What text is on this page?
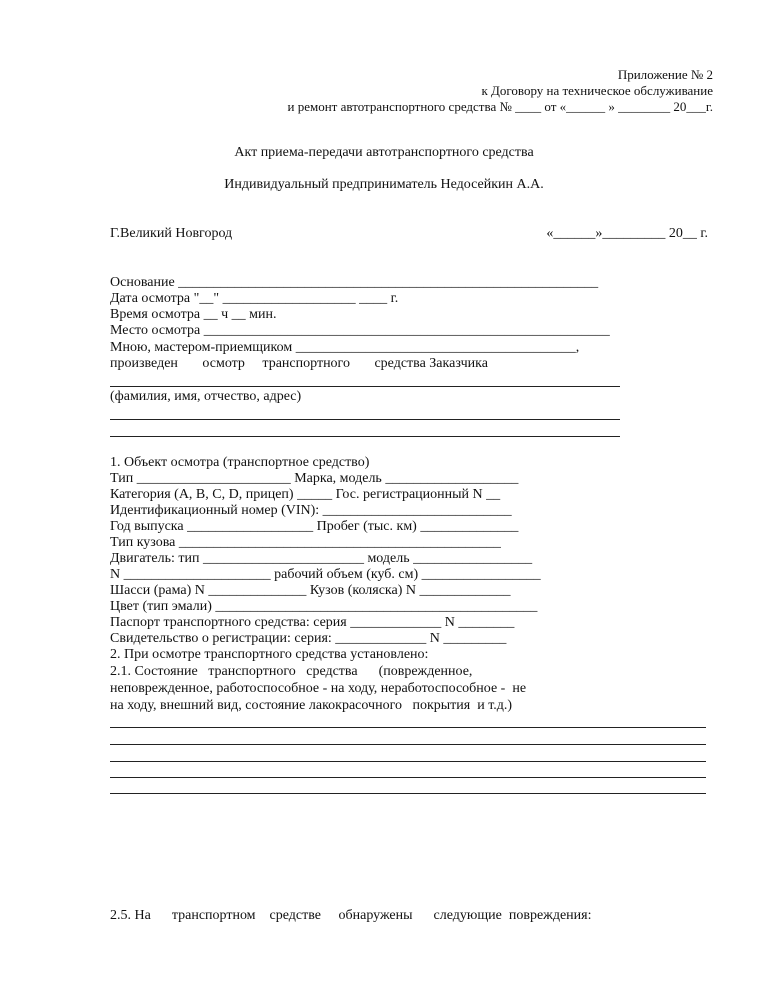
Приложение № 2
к Договору на техническое обслуживание
и ремонт автотранспортного средства № ____ от «______ » ________ 20___г.
Акт приема-передачи автотранспортного средства
Индивидуальный предприниматель Недосейкин А.А.
Г.Великий Новгород	«______»_________ 20__ г.
Основание ____________________________________________________________
Дата осмотра "__" ___________________ ____ г.
Время осмотра __ ч __ мин.
Место осмотра __________________________________________________________
Мною, мастером-приемщиком ________________________________________,
произведен       осмотр     транспортного       средства Заказчика
(фамилия, имя, отчество, адрес)
1. Объект осмотра (транспортное средство)
Тип ______________________ Марка, модель ___________________
Категория (A, B, C, D, прицеп) _____ Гос. регистрационный N __
Идентификационный номер (VIN): ___________________________
Год выпуска __________________ Пробег (тыс. км) ______________
Тип кузова ______________________________________________
Двигатель: тип _______________________ модель _________________
N _____________________ рабочий объем (куб. см) _________________
Шасси (рама) N ______________ Кузов (коляска) N _____________
Цвет (тип эмали) ______________________________________________
Паспорт транспортного средства: серия _____________ N ________
Свидетельство о регистрации: серия: _____________ N _________
2. При осмотре транспортного средства установлено:
2.1. Состояние   транспортного   средства      (поврежденное,
неповрежденное, работоспособное - на ходу, неработоспособное -  не
на ходу, внешний вид, состояние лакокрасочного   покрытия  и т.д.)
2.5. На      транспортном    средстве     обнаружены      следующие  повреждения:
